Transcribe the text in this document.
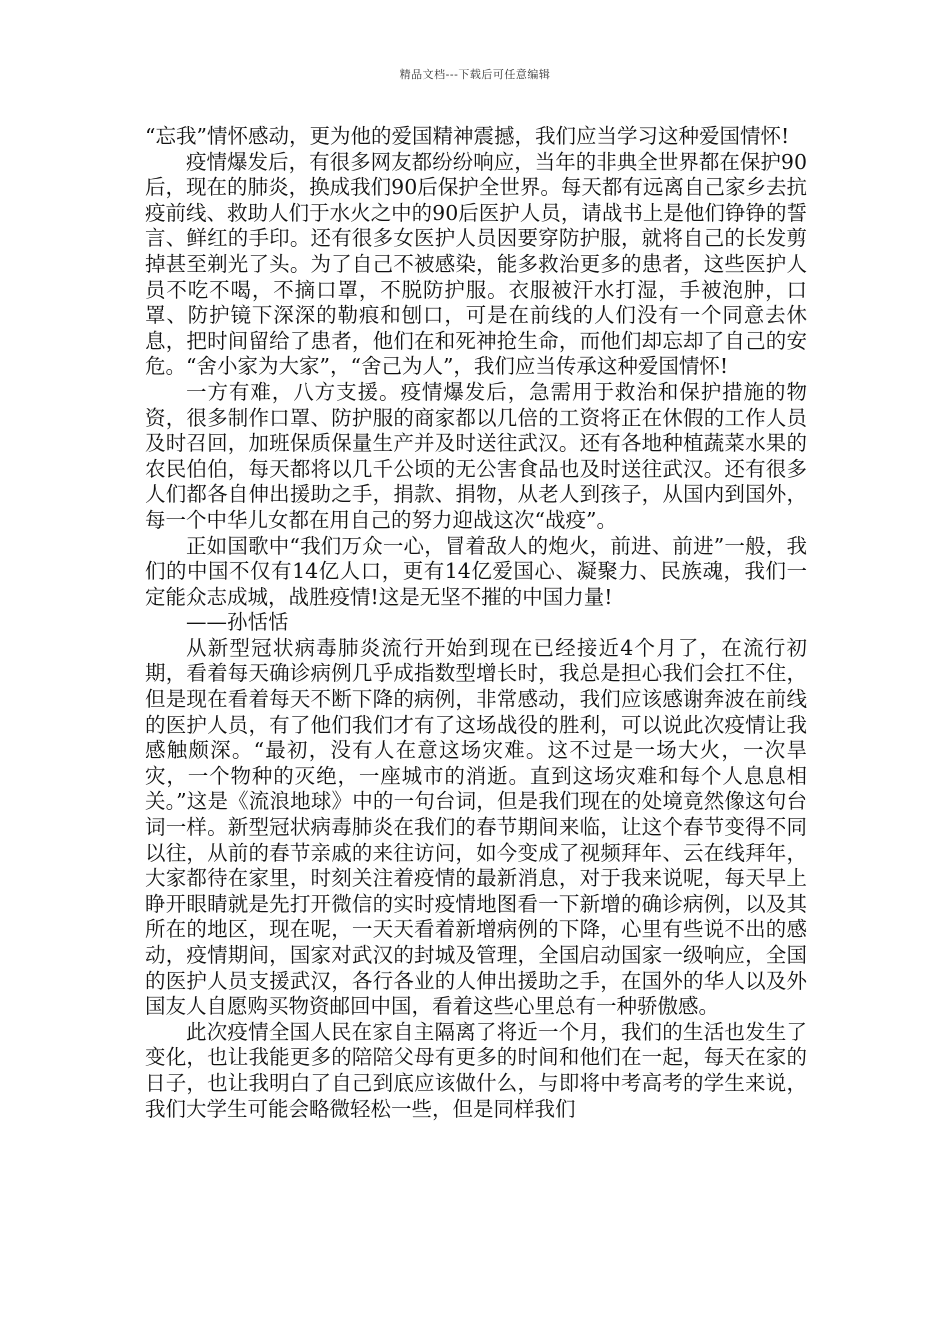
精品文档---下载后可任意编辑

“忘我”情怀感动，更为他的爱国精神震撼，我们应当学习这种爱国情怀!

疫情爆发后，有很多网友都纷纷响应，当年的非典全世界都在保护90后，现在的肺炎，换成我们90后保护全世界。每天都有远离自己家乡去抗疫前线、救助人们于水火之中的90后医护人员，请战书上是他们铮铮的誓言、鲜红的手印。还有很多女医护人员因要穿防护服，就将自己的长发剪掉甚至剃光了头。为了自己不被感染，能多救治更多的患者，这些医护人员不吃不喝，不摘口罩，不脱防护服。衣服被汗水打湿，手被泡肿，口罩、防护镜下深深的勒痕和刨口，可是在前线的人们没有一个同意去休息，把时间留给了患者，他们在和死神抢生命，而他们却忘却了自己的安危。“舍小家为大家”，“舍己为人”，我们应当传承这种爱国情怀!

一方有难，八方支援。疫情爆发后，急需用于救治和保护措施的物资，很多制作口罩、防护服的商家都以几倍的工资将正在休假的工作人员及时召回，加班保质保量生产并及时送往武汉。还有各地种植蔬菜水果的农民伯伯，每天都将以几千公顷的无公害食品也及时送往武汉。还有很多人们都各自伸出援助之手，捐款、捐物，从老人到孩子，从国内到国外，每一个中华儿女都在用自己的努力迎战这次“战疫”。

正如国歌中“我们万众一心，冒着敌人的炮火，前进、前进”一般，我们的中国不仅有14亿人口，更有14亿爱国心、凝聚力、民族魂，我们一定能众志成城，战胜疫情!这是无坚不摧的中国力量!

——孙恬恬

从新型冠状病毒肺炎流行开始到现在已经接近4个月了，在流行初期，看着每天确诊病例几乎成指数型增长时，我总是担心我们会扛不住，但是现在看着每天不断下降的病例，非常感动，我们应该感谢奔波在前线的医护人员，有了他们我们才有了这场战役的胜利，可以说此次疫情让我感触颇深。“最初，没有人在意这场灾难。这不过是一场大火，一次旱灾，一个物种的灭绝，一座城市的消逝。直到这场灾难和每个人息息相关。”这是《流浪地球》中的一句台词，但是我们现在的处境竟然像这句台词一样。新型冠状病毒肺炎在我们的春节期间来临，让这个春节变得不同以往，从前的春节亲戚的来往访问，如今变成了视频拜年、云在线拜年，大家都待在家里，时刻关注着疫情的最新消息，对于我来说呢，每天早上睁开眼睛就是先打开微信的实时疫情地图看一下新增的确诊病例，以及其所在的地区，现在呢，一天天看着新增病例的下降，心里有些说不出的感动，疫情期间，国家对武汉的封城及管理，全国启动国家一级响应，全国的医护人员支援武汉，各行各业的人伸出援助之手，在国外的华人以及外国友人自愿购买物资邮回中国，看着这些心里总有一种骄傲感。

此次疫情全国人民在家自主隔离了将近一个月，我们的生活也发生了变化，也让我能更多的陪陪父母有更多的时间和他们在一起，每天在家的日子，也让我明白了自己到底应该做什么，与即将中考高考的学生来说，我们大学生可能会略微轻松一些，但是同样我们
